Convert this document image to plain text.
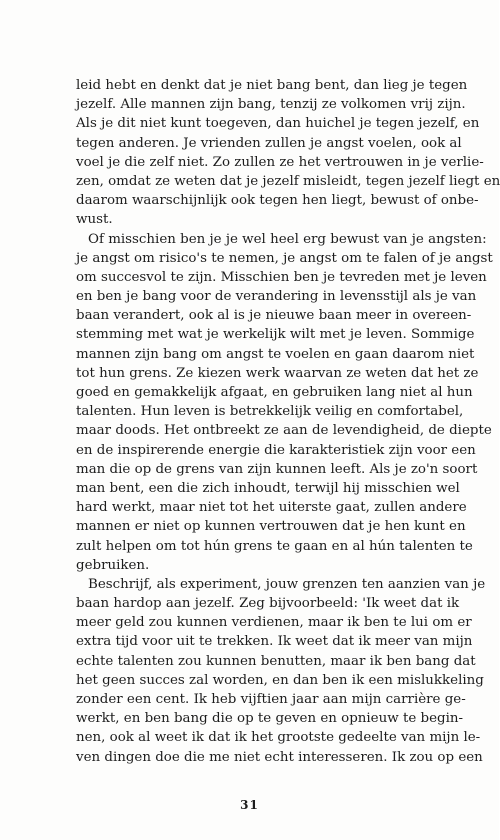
leid hebt en denkt dat je niet bang bent, dan lieg je tegen
jezelf. Alle mannen zijn bang, tenzij ze volkomen vrij zijn.
Als je dit niet kunt toegeven, dan huichel je tegen jezelf, en
tegen anderen. Je vrienden zullen je angst voelen, ook al
voel je die zelf niet. Zo zullen ze het vertrouwen in je verlie-
zen, omdat ze weten dat je jezelf misleidt, tegen jezelf liegt en
daarom waarschijnlijk ook tegen hen liegt, bewust of onbe-
wust.
Of misschien ben je je wel heel erg bewust van je angsten:
je angst om risico's te nemen, je angst om te falen of je angst
om succesvol te zijn. Misschien ben je tevreden met je leven
en ben je bang voor de verandering in levensstijl als je van
baan verandert, ook al is je nieuwe baan meer in overeen-
stemming met wat je werkelijk wilt met je leven. Sommige
mannen zijn bang om angst te voelen en gaan daarom niet
tot hun grens. Ze kiezen werk waarvan ze weten dat het ze
goed en gemakkelijk afgaat, en gebruiken lang niet al hun
talenten. Hun leven is betrekkelijk veilig en comfortabel,
maar doods. Het ontbreekt ze aan de levendigheid, de diepte
en de inspirerende energie die karakteristiek zijn voor een
man die op de grens van zijn kunnen leeft. Als je zo'n soort
man bent, een die zich inhoudt, terwijl hij misschien wel
hard werkt, maar niet tot het uiterste gaat, zullen andere
mannen er niet op kunnen vertrouwen dat je hen kunt en
zult helpen om tot hún grens te gaan en al hún talenten te
gebruiken.
Beschrijf, als experiment, jouw grenzen ten aanzien van je
baan hardop aan jezelf. Zeg bijvoorbeeld: 'Ik weet dat ik
meer geld zou kunnen verdienen, maar ik ben te lui om er
extra tijd voor uit te trekken. Ik weet dat ik meer van mijn
echte talenten zou kunnen benutten, maar ik ben bang dat
het geen succes zal worden, en dan ben ik een mislukkeling
zonder een cent. Ik heb vijftien jaar aan mijn carrière ge-
werkt, en ben bang die op te geven en opnieuw te begin-
nen, ook al weet ik dat ik het grootste gedeelte van mijn le-
ven dingen doe die me niet echt interesseren. Ik zou op een
31
